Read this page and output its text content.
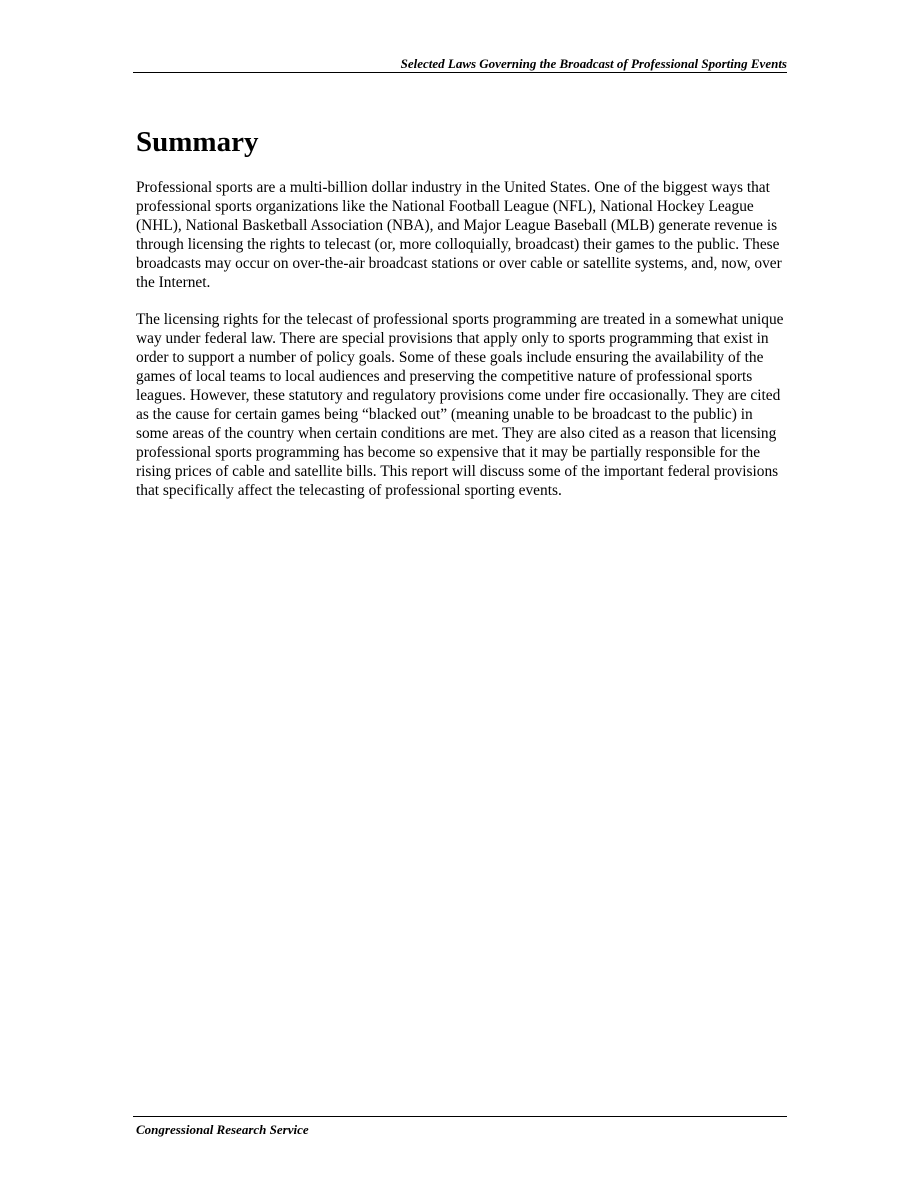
Selected Laws Governing the Broadcast of Professional Sporting Events
Summary

Professional sports are a multi-billion dollar industry in the United States. One of the biggest ways that professional sports organizations like the National Football League (NFL), National Hockey League (NHL), National Basketball Association (NBA), and Major League Baseball (MLB) generate revenue is through licensing the rights to telecast (or, more colloquially, broadcast) their games to the public. These broadcasts may occur on over-the-air broadcast stations or over cable or satellite systems, and, now, over the Internet.

The licensing rights for the telecast of professional sports programming are treated in a somewhat unique way under federal law. There are special provisions that apply only to sports programming that exist in order to support a number of policy goals. Some of these goals include ensuring the availability of the games of local teams to local audiences and preserving the competitive nature of professional sports leagues. However, these statutory and regulatory provisions come under fire occasionally. They are cited as the cause for certain games being “blacked out” (meaning unable to be broadcast to the public) in some areas of the country when certain conditions are met. They are also cited as a reason that licensing professional sports programming has become so expensive that it may be partially responsible for the rising prices of cable and satellite bills. This report will discuss some of the important federal provisions that specifically affect the telecasting of professional sporting events.

Congressional Research Service
